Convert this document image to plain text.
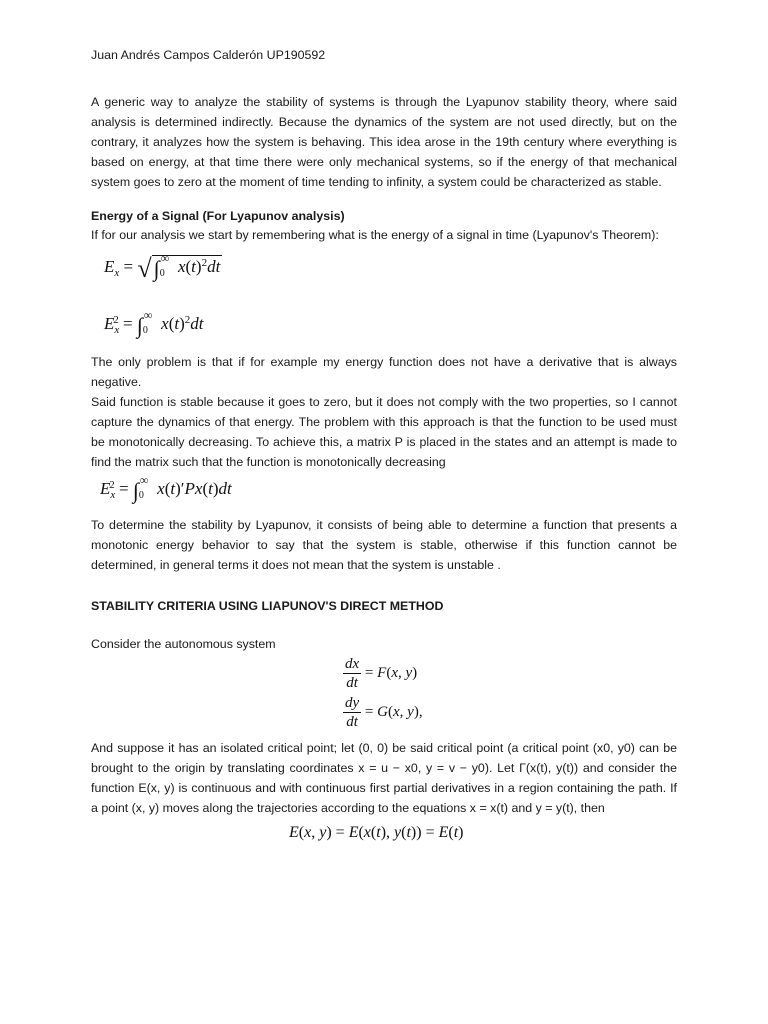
Juan Andrés Campos Calderón UP190592
A generic way to analyze the stability of systems is through the Lyapunov stability theory, where said analysis is determined indirectly. Because the dynamics of the system are not used directly, but on the contrary, it analyzes how the system is behaving. This idea arose in the 19th century where everything is based on energy, at that time there were only mechanical systems, so if the energy of that mechanical system goes to zero at the moment of time tending to infinity, a system could be characterized as stable.
Energy of a Signal (For Lyapunov analysis)
If for our analysis we start by remembering what is the energy of a signal in time (Lyapunov's Theorem):
$E_x$ = √∫ ∞
0 $x(t)^2dt$
$E_x^2$ = ∫ ∞
0 $x(t)^2dt$
The only problem is that if for example my energy function does not have a derivative that is always negative.
Said function is stable because it goes to zero, but it does not comply with the two properties, so I cannot capture the dynamics of that energy. The problem with this approach is that the function to be used must be monotonically decreasing. To achieve this, a matrix P is placed in the states and an attempt is made to find the matrix such that the function is monotonically decreasing
$E_x^2$ = ∫ ∞
0 x(t)′Px(t)dt
To determine the stability by Lyapunov, it consists of being able to determine a function that presents a monotonic energy behavior to say that the system is stable, otherwise if this function cannot be determined, in general terms it does not mean that the system is unstable .
STABILITY CRITERIA USING LIAPUNOV'S DIRECT METHOD
Consider the autonomous system
$\frac{dx}{dt} = F(x$, y)
$\frac{dy}{dt} = G(x$, y),
And suppose it has an isolated critical point; let (0, 0) be said critical point (a critical point (x0, y0) can be brought to the origin by translating coordinates x = u − x0, y = v − y0). Let Γ(x(t), y(t)) and consider the function E(x, y) is continuous and with continuous first partial derivatives in a region containing the path. If a point (x, y) moves along the trajectories according to the equations x = x(t) and y = y(t), then
E(x, y) = E(x(t), y(t)) = E(t)
